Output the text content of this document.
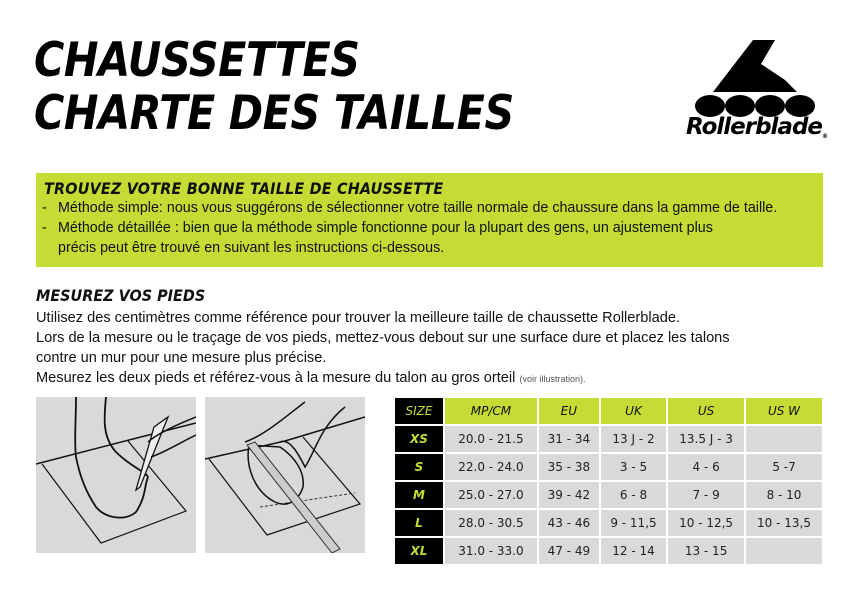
CHAUSSETTES
CHARTE DES TAILLES	Rollerblade®
TROUVEZ VOTRE BONNE TAILLE DE CHAUSSETTE
- Méthode simple: nous vous suggérons de sélectionner votre taille normale de chaussure dans la gamme de taille.
- Méthode détaillée : bien que la méthode simple fonctionne pour la plupart des gens, un ajustement plus
précis peut être trouvé en suivant les instructions ci-dessous.
MESUREZ VOS PIEDS
Utilisez des centimètres comme référence pour trouver la meilleure taille de chaussette Rollerblade.
Lors de la mesure ou le traçage de vos pieds, mettez-vous debout sur une surface dure et placez les talons
contre un mur pour une mesure plus précise.
Mesurez les deux pieds et référez-vous à la mesure du talon au gros orteil (voir illustration).
SIZE	MP/CM	EU	UK	US	US W
XS	20.0 - 21.5	31 - 34	13 J - 2	13.5 J - 3	
S	22.0 - 24.0	35 - 38	3 - 5	4 - 6	5 -7
M	25.0 - 27.0	39 - 42	6 - 8	7 - 9	8 - 10
L	28.0 - 30.5	43 - 46	9 - 11,5	10 - 12,5	10 - 13,5
XL	31.0 - 33.0	47 - 49	12 - 14	13 - 15	
